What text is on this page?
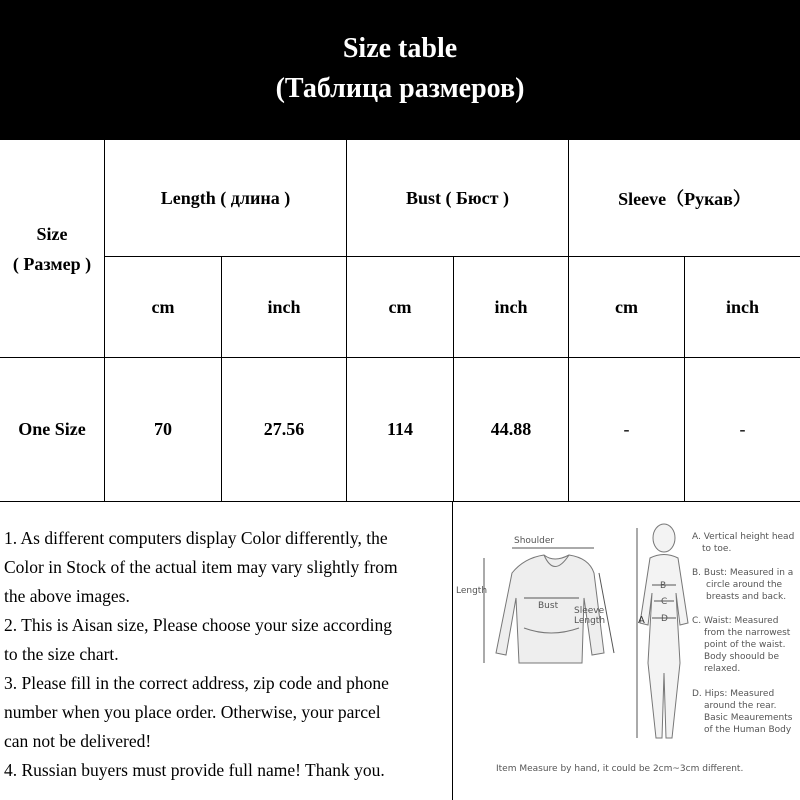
Size table
(Таблица размеров)
Size
( Размер )
Length ( длина )	Bust ( Бюст )	Sleeve（Рукав）
cm	inch	cm	inch	cm	inch
One Size	70	27.56	114	44.88	-	-
1. As different computers display Color differently, the
Color in Stock of the actual item may vary slightly from
the above images.
2. This is Aisan size, Please choose your size according
to the size chart.
3. Please fill in the correct address, zip code and phone
number when you place order. Otherwise, your parcel
can not be delivered!
4. Russian buyers must provide full name! Thank you.
Shoulder
Length
Bust Sleeve
Length
B
C
D
A
A. Vertical height head
to toe.
B. Bust: Measured in a
circle around the
breasts and back.
C. Waist: Measured
from the narrowest
point of the waist.
Body shoould be
relaxed.
D. Hips: Measured
around the rear.
Basic Meaurements
of the Human Body
Item Measure by hand, it could be 2cm~3cm different.
